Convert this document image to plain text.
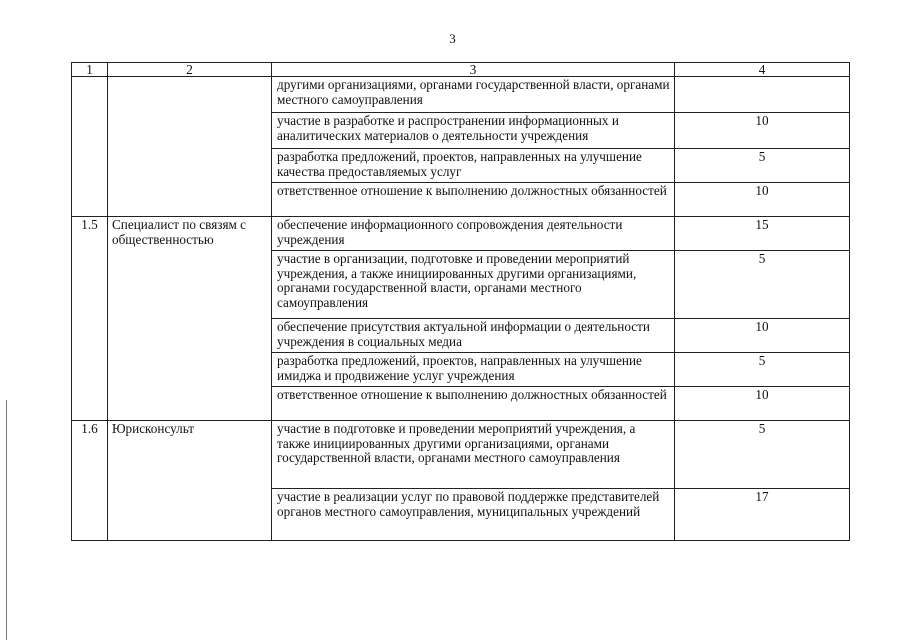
3
1	2	3	4
		другими организациями, органами государственной власти, органами местного самоуправления	
		участие в разработке и распространении информационных и аналитических материалов о деятельности учреждения	10
		разработка предложений, проектов, направленных на улучшение качества предоставляемых услуг	5
		ответственное отношение к выполнению должностных обязанностей	10
1.5	Специалист по связям с общественностью	обеспечение информационного сопровождения деятельности учреждения	15
		участие в организации, подготовке и проведении мероприятий учреждения, а также инициированных другими организациями, органами государственной власти, органами местного самоуправления	5
		обеспечение присутствия актуальной информации о деятельности учреждения в социальных медиа	10
		разработка предложений, проектов, направленных на улучшение имиджа и продвижение услуг учреждения	5
		ответственное отношение к выполнению должностных обязанностей	10
1.6	Юрисконсульт	участие в подготовке и проведении мероприятий учреждения, а также инициированных другими организациями, органами государственной власти, органами местного самоуправления	5
		участие в реализации услуг по правовой поддержке представителей органов местного самоуправления, муниципальных учреждений	17
